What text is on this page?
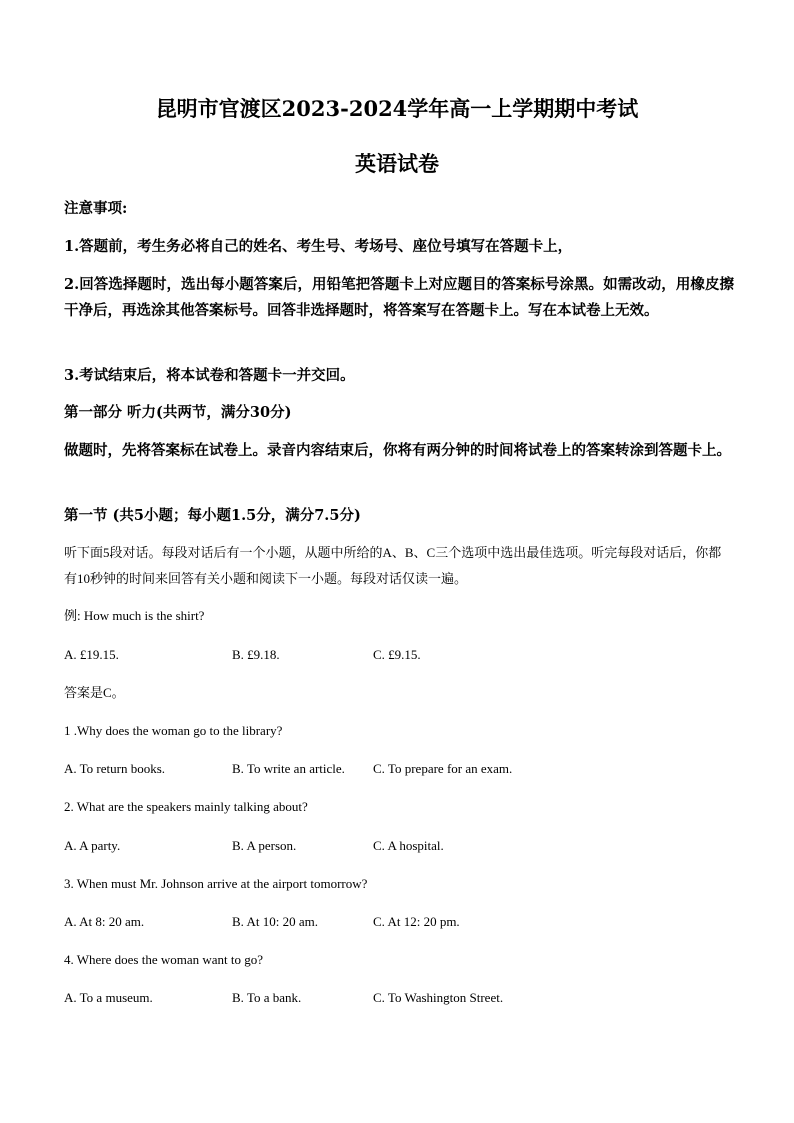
昆明市官渡区2023-2024学年高一上学期期中考试
英语试卷
注意事项:
1.答题前，考生务必将自己的姓名、考生号、考场号、座位号填写在答题卡上，
2.回答选择题时，选出每小题答案后，用铅笔把答题卡上对应题目的答案标号涂黑。如需改动，用橡皮擦干净后，再选涂其他答案标号。回答非选择题时，将答案写在答题卡上。写在本试卷上无效。
3.考试结束后，将本试卷和答题卡一并交回。
第一部分 听力(共两节，满分30分)
做题时，先将答案标在试卷上。录音内容结束后，你将有两分钟的时间将试卷上的答案转涂到答题卡上。
第一节 (共5小题；每小题1.5分，满分7.5分)
听下面5段对话。每段对话后有一个小题，从题中所给的A、B、C三个选项中选出最佳选项。听完每段对话后，你都有10秒钟的时间来回答有关小题和阅读下一小题。每段对话仅读一遍。
例: How much is the shirt?
A. £19.15.	B. £9.18.	C. £9.15.
答案是C。
1 .Why does the woman go to the library?
A. To return books.	B. To write an article. C. To prepare for an exam.
2. What are the speakers mainly talking about?
A. A party.	B. A person.	C. A hospital.
3. When must Mr. Johnson arrive at the airport tomorrow?
A. At 8: 20 am.	B. At 10: 20 am.	C. At 12: 20 pm.
4. Where does the woman want to go?
A. To a museum.	B. To a bank.	C. To Washington Street.
